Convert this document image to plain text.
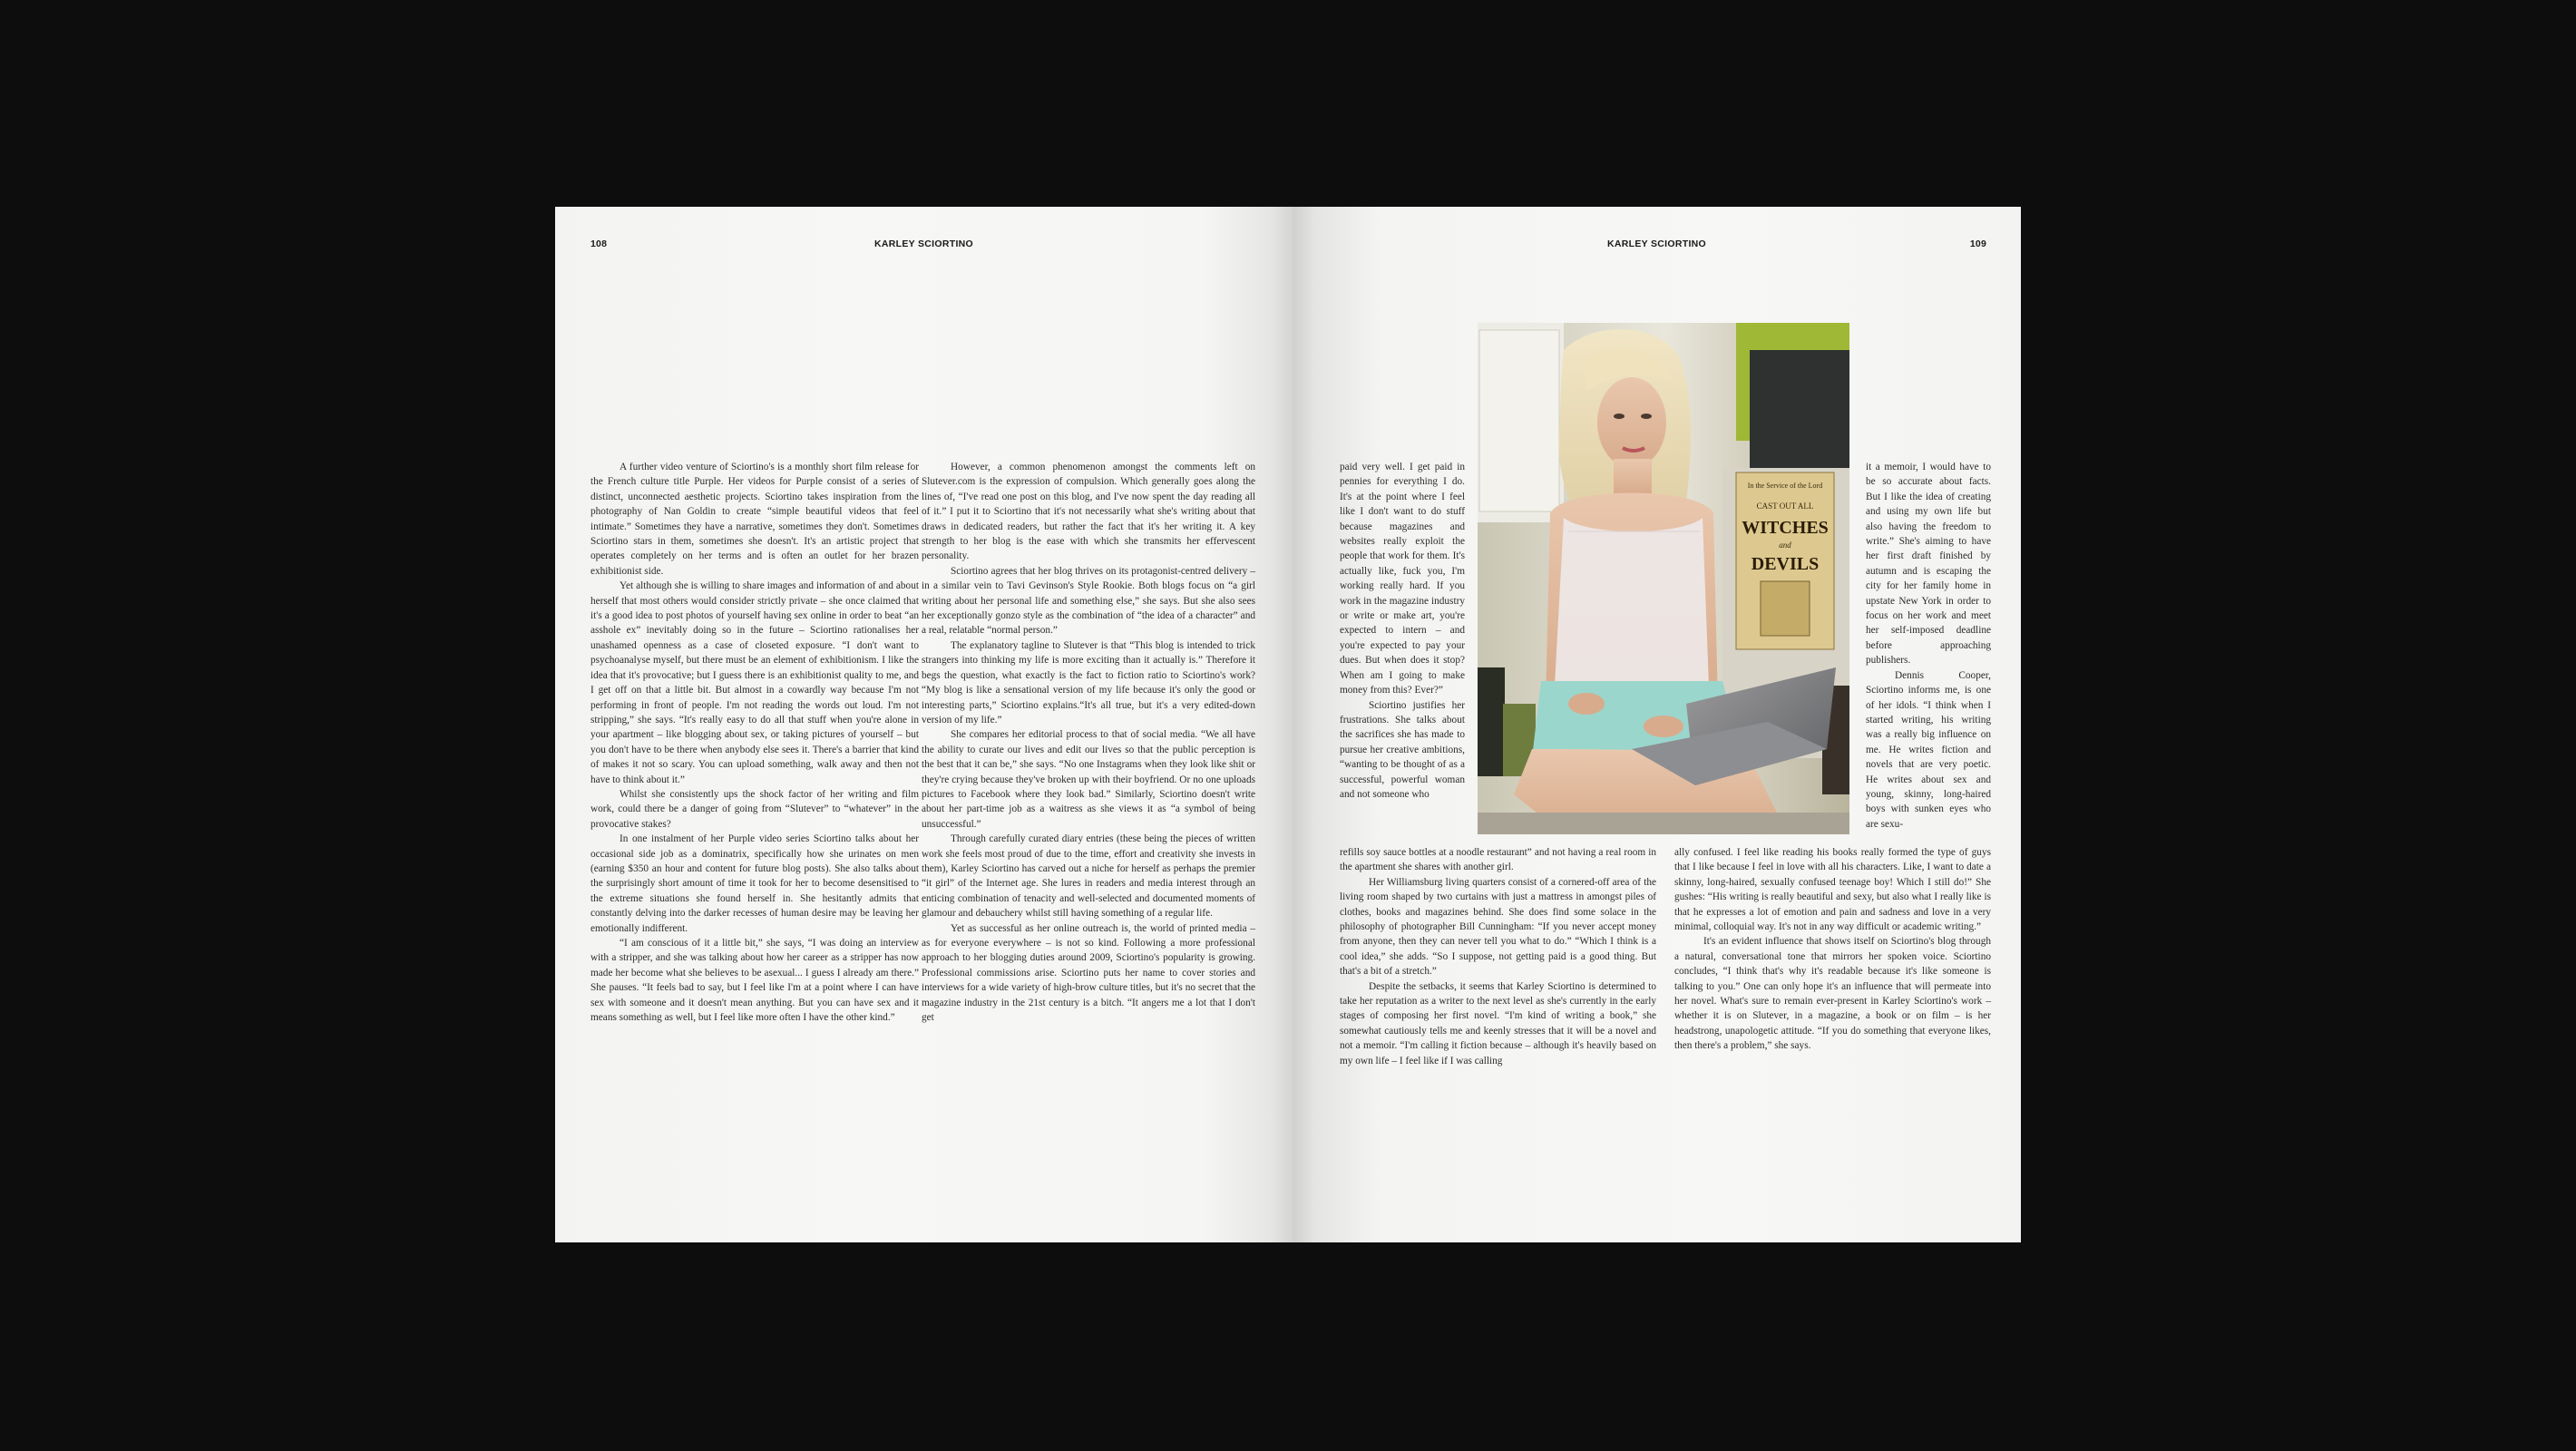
108	KARLEY SCIORTINO

A further video venture of Sciortino's is a monthly short film release for the French culture title Purple. Her videos for Purple consist of a series of distinct, unconnected aesthetic projects. Sciortino takes inspiration from the photography of Nan Goldin to create “simple beautiful videos that feel intimate.” Sometimes they have a narrative, sometimes they don't. Sometimes Sciortino stars in them, sometimes she doesn't. It's an artistic project that operates completely on her terms and is often an outlet for her brazen exhibitionist side.

Yet although she is willing to share images and information of and about herself that most others would consider strictly private – she once claimed that it's a good idea to post photos of yourself having sex online in order to beat “an asshole ex” inevitably doing so in the future – Sciortino rationalises her unashamed openness as a case of closeted exposure. “I don't want to psychoanalyse myself, but there must be an element of exhibitionism. I like the idea that it's provocative; but I guess there is an exhibitionist quality to me, and I get off on that a little bit. But almost in a cowardly way because I'm not performing in front of people. I'm not reading the words out loud. I'm not stripping,” she says. “It's really easy to do all that stuff when you're alone in your apartment – like blogging about sex, or taking pictures of yourself – but you don't have to be there when anybody else sees it. There's a barrier that kind of makes it not so scary. You can upload something, walk away and then not have to think about it.”

Whilst she consistently ups the shock factor of her writing and film work, could there be a danger of going from “Slutever” to “whatever” in the provocative stakes?

In one instalment of her Purple video series Sciortino talks about her occasional side job as a dominatrix, specifically how she urinates on men (earning $350 an hour and content for future blog posts). She also talks about the surprisingly short amount of time it took for her to become desensitised to the extreme situations she found herself in. She hesitantly admits that constantly delving into the darker recesses of human desire may be leaving her emotionally indifferent.

“I am conscious of it a little bit,” she says, “I was doing an interview with a stripper, and she was talking about how her career as a stripper has now made her become what she believes to be asexual... I guess I already am there.” She pauses. “It feels bad to say, but I feel like I'm at a point where I can have sex with someone and it doesn't mean anything. But you can have sex and it means something as well, but I feel like more often I have the other kind.”

However, a common phenomenon amongst the comments left on Slutever.com is the expression of compulsion. Which generally goes along the lines of, “I've read one post on this blog, and I've now spent the day reading all of it.” I put it to Sciortino that it's not necessarily what she's writing about that draws in dedicated readers, but rather the fact that it's her writing it. A key strength to her blog is the ease with which she transmits her effervescent personality.

Sciortino agrees that her blog thrives on its protagonist-centred delivery – in a similar vein to Tavi Gevinson's Style Rookie. Both blogs focus on “a girl writing about her personal life and something else,” she says. But she also sees her exceptionally gonzo style as the combination of “the idea of a character” and a real, relatable “normal person.”

The explanatory tagline to Slutever is that “This blog is intended to trick strangers into thinking my life is more exciting than it actually is.” Therefore it begs the question, what exactly is the fact to fiction ratio to Sciortino's work? “My blog is like a sensational version of my life because it's only the good or interesting parts,” Sciortino explains.“It's all true, but it's a very edited-down version of my life.”

She compares her editorial process to that of social media. “We all have the ability to curate our lives and edit our lives so that the public perception is the best that it can be,” she says. “No one Instagrams when they look like shit or they're crying because they've broken up with their boyfriend. Or no one uploads pictures to Facebook where they look bad.” Similarly, Sciortino doesn't write about her part-time job as a waitress as she views it as “a symbol of being unsuccessful.”

Through carefully curated diary entries (these being the pieces of written work she feels most proud of due to the time, effort and creativity she invests in them), Karley Sciortino has carved out a niche for herself as perhaps the premier “it girl” of the Internet age. She lures in readers and media interest through an enticing combination of tenacity and well-selected and documented moments of glamour and debauchery whilst still having something of a regular life.

Yet as successful as her online outreach is, the world of printed media – as for everyone everywhere – is not so kind. Following a more professional approach to her blogging duties around 2009, Sciortino's popularity is growing. Professional commissions arise. Sciortino puts her name to cover stories and interviews for a wide variety of high-brow culture titles, but it's no secret that the magazine industry in the 21st century is a bitch. “It angers me a lot that I don't get

KARLEY SCIORTINO	109

paid very well. I get paid in pennies for everything I do. It's at the point where I feel like I don't want to do stuff because magazines and websites really exploit the people that work for them. It's actually like, fuck you, I'm working really hard. If you work in the magazine industry or write or make art, you're expected to intern – and you're expected to pay your dues. But when does it stop? When am I going to make money from this? Ever?”

Sciortino justifies her frustrations. She talks about the sacrifices she has made to pursue her creative ambitions, “wanting to be thought of as a successful, powerful woman and not someone who

In the Service of the Lord
CAST OUT ALL
WITCHES
and
DEVILS

it a memoir, I would have to be so accurate about facts. But I like the idea of creating and using my own life but also having the freedom to write.” She's aiming to have her first draft finished by autumn and is escaping the city for her family home in upstate New York in order to focus on her work and meet her self-imposed deadline before approaching publishers.

Dennis Cooper, Sciortino informs me, is one of her idols. “I think when I started writing, his writing was a really big influence on me. He writes fiction and novels that are very poetic. He writes about sex and young, skinny, long-haired boys with sunken eyes who are sexu-

refills soy sauce bottles at a noodle restaurant” and not having a real room in the apartment she shares with another girl.

Her Williamsburg living quarters consist of a cornered-off area of the living room shaped by two curtains with just a mattress in amongst piles of clothes, books and magazines behind. She does find some solace in the philosophy of photographer Bill Cunningham: “If you never accept money from anyone, then they can never tell you what to do.” “Which I think is a cool idea,” she adds. “So I suppose, not getting paid is a good thing. But that's a bit of a stretch.”

Despite the setbacks, it seems that Karley Sciortino is determined to take her reputation as a writer to the next level as she's currently in the early stages of composing her first novel. “I'm kind of writing a book,” she somewhat cautiously tells me and keenly stresses that it will be a novel and not a memoir. “I'm calling it fiction because – although it's heavily based on my own life – I feel like if I was calling

ally confused. I feel like reading his books really formed the type of guys that I like because I feel in love with all his characters. Like, I want to date a skinny, long-haired, sexually confused teenage boy! Which I still do!” She gushes: “His writing is really beautiful and sexy, but also what I really like is that he expresses a lot of emotion and pain and sadness and love in a very minimal, colloquial way. It's not in any way difficult or academic writing.”

It's an evident influence that shows itself on Sciortino's blog through a natural, conversational tone that mirrors her spoken voice. Sciortino concludes, “I think that's why it's readable because it's like someone is talking to you.” One can only hope it's an influence that will permeate into her novel. What's sure to remain ever-present in Karley Sciortino's work – whether it is on Slutever, in a magazine, a book or on film – is her headstrong, unapologetic attitude. “If you do something that everyone likes, then there's a problem,” she says.
